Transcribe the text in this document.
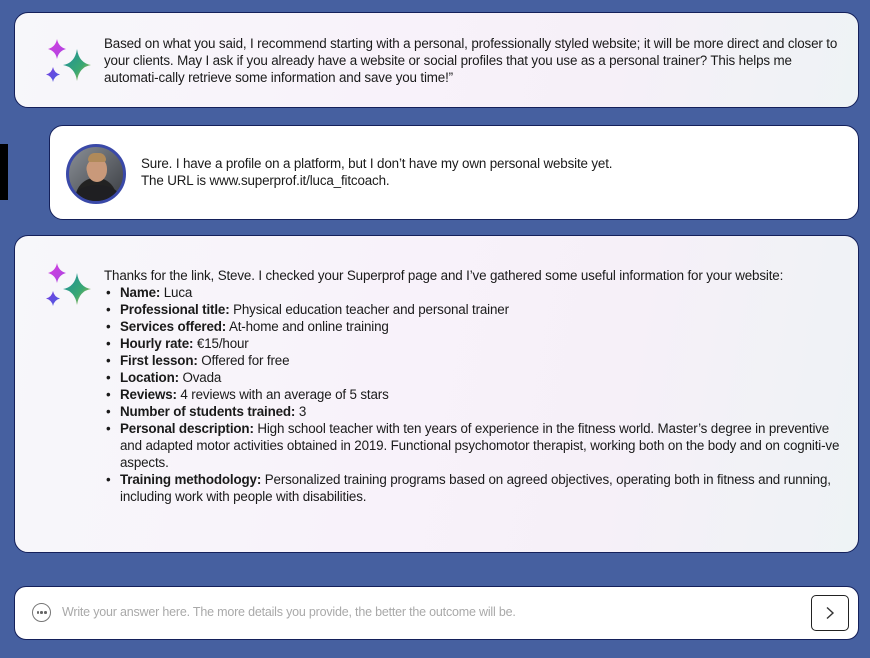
Based on what you said, I recommend starting with a personal, professionally styled website; it will be more direct and closer to your clients. May I ask if you already have a website or social profiles that you use as a personal trainer? This helps me automati-cally retrieve some information and save you time!”
Sure. I have a profile on a platform, but I don’t have my own personal website yet.
The URL is www.superprof.it/luca_fitcoach.
Thanks for the link, Steve. I checked your Superprof page and I’ve gathered some useful information for your website:
• Name: Luca
• Professional title: Physical education teacher and personal trainer
• Services offered: At-home and online training
• Hourly rate: €15/hour
• First lesson: Offered for free
• Location: Ovada
• Reviews: 4 reviews with an average of 5 stars
• Number of students trained: 3
• Personal description: High school teacher with ten years of experience in the fitness world. Master’s degree in preventive and adapted motor activities obtained in 2019. Functional psychomotor therapist, working both on the body and on cogniti-ve aspects.
• Training methodology: Personalized training programs based on agreed objectives, operating both in fitness and running, including work with people with disabilities.
Write your answer here. The more details you provide, the better the outcome will be.
